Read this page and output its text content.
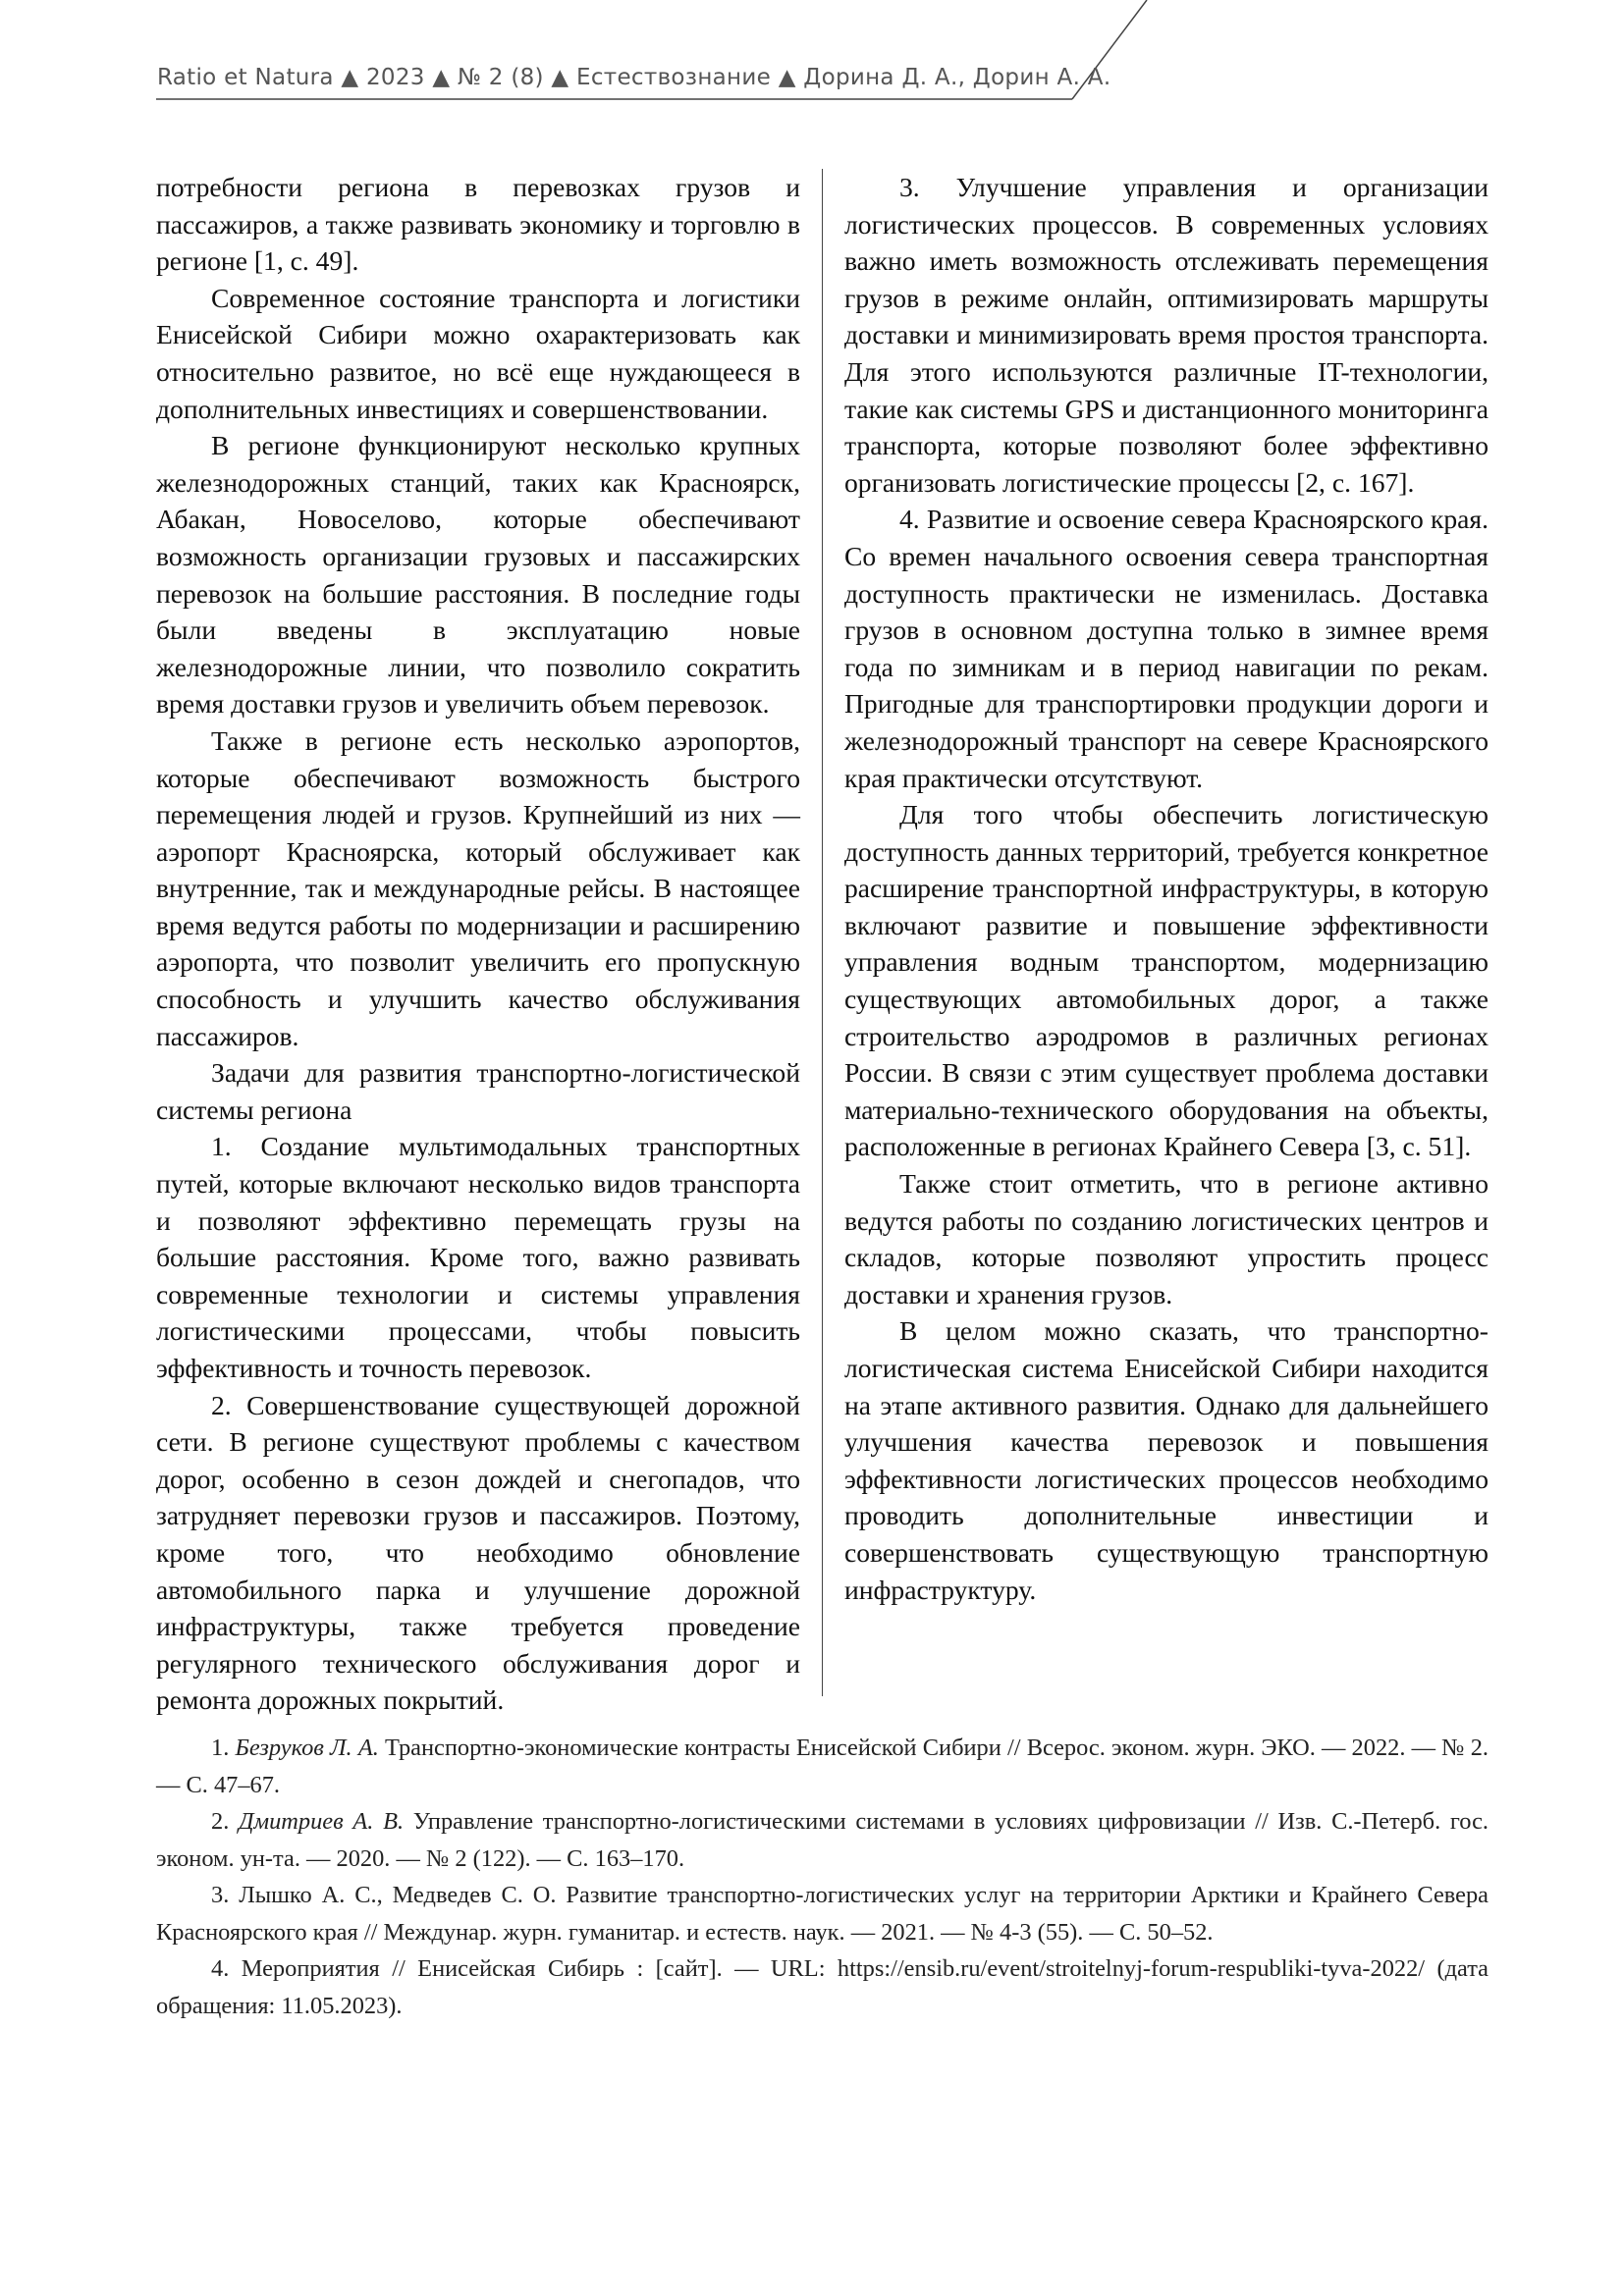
Ratio et Natura ▲ 2023 ▲ № 2 (8) ▲ Естествознание ▲ Дорина Д. А., Дорин А. А.

потребности региона в перевозках грузов и пассажиров, а также развивать экономику и торговлю в регионе [1, с. 49].

Современное состояние транспорта и логистики Енисейской Сибири можно охарактеризовать как относительно развитое, но всё еще нуждающееся в дополнительных инвестициях и совершенствовании.

В регионе функционируют несколько крупных железнодорожных станций, таких как Красноярск, Абакан, Новоселово, которые обеспечивают возможность организации грузовых и пассажирских перевозок на большие расстояния. В последние годы были введены в эксплуатацию новые железнодорожные линии, что позволило сократить время доставки грузов и увеличить объем перевозок.

Также в регионе есть несколько аэропортов, которые обеспечивают возможность быстрого перемещения людей и грузов. Крупнейший из них — аэропорт Красноярска, который обслуживает как внутренние, так и международные рейсы. В настоящее время ведутся работы по модернизации и расширению аэропорта, что позволит увеличить его пропускную способность и улучшить качество обслуживания пассажиров.

Задачи для развития транспортно-логистической системы региона

1. Создание мультимодальных транспортных путей, которые включают несколько видов транспорта и позволяют эффективно перемещать грузы на большие расстояния. Кроме того, важно развивать современные технологии и системы управления логистическими процессами, чтобы повысить эффективность и точность перевозок.

2. Совершенствование существующей дорожной сети. В регионе существуют проблемы с качеством дорог, особенно в сезон дождей и снегопадов, что затрудняет перевозки грузов и пассажиров. Поэтому, кроме того, что необходимо обновление автомобильного парка и улучшение дорожной инфраструктуры, также требуется проведение регулярного технического обслуживания дорог и ремонта дорожных покрытий.

3. Улучшение управления и организации логистических процессов. В современных условиях важно иметь возможность отслеживать перемещения грузов в режиме онлайн, оптимизировать маршруты доставки и минимизировать время простоя транспорта. Для этого используются различные IT-технологии, такие как системы GPS и дистанционного мониторинга транспорта, которые позволяют более эффективно организовать логистические процессы [2, с. 167].

4. Развитие и освоение севера Красноярского края. Со времен начального освоения севера транспортная доступность практически не изменилась. Доставка грузов в основном доступна только в зимнее время года по зимникам и в период навигации по рекам. Пригодные для транспортировки продукции дороги и железнодорожный транспорт на севере Красноярского края практически отсутствуют.

Для того чтобы обеспечить логистическую доступность данных территорий, требуется конкретное расширение транспортной инфраструктуры, в которую включают развитие и повышение эффективности управления водным транспортом, модернизацию существующих автомобильных дорог, а также строительство аэродромов в различных регионах России. В связи с этим существует проблема доставки материально-технического оборудования на объекты, расположенные в регионах Крайнего Севера [3, с. 51].

Также стоит отметить, что в регионе активно ведутся работы по созданию логистических центров и складов, которые позволяют упростить процесс доставки и хранения грузов.

В целом можно сказать, что транспортно-логистическая система Енисейской Сибири находится на этапе активного развития. Однако для дальнейшего улучшения качества перевозок и повышения эффективности логистических процессов необходимо проводить дополнительные инвестиции и совершенствовать существующую транспортную инфраструктуру.

1. Безруков Л. А. Транспортно-экономические контрасты Енисейской Сибири // Всерос. эконом. журн. ЭКО. — 2022. — № 2. — С. 47–67.

2. Дмитриев А. В. Управление транспортно-логистическими системами в условиях цифровизации // Изв. С.-Петерб. гос. эконом. ун-та. — 2020. — № 2 (122). — С. 163–170.

3. Лышко А. С., Медведев С. О. Развитие транспортно-логистических услуг на территории Арктики и Крайнего Севера Красноярского края // Междунар. журн. гуманитар. и естеств. наук. — 2021. — № 4-3 (55). — С. 50–52.

4. Мероприятия // Енисейская Сибирь : [сайт]. — URL: https://ensib.ru/event/stroitelnyj-forum-respubliki-tyva-2022/ (дата обращения: 11.05.2023).
